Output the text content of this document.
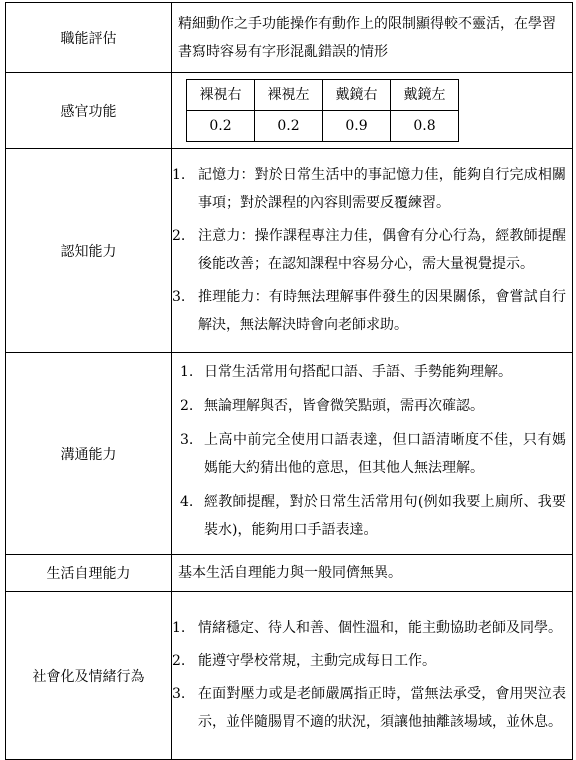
職能評估	
精細動作之手功能操作有動作上的限制顯得較不靈活，在學習書寫時容易有字形混亂錯誤的情形

感官功能	
裸視右	裸視左	戴鏡右	戴鏡左
0.2	0.2	0.9	0.8

認知能力	
1. 記憶力：對於日常生活中的事記憶力佳，能夠自行完成相關事項；對於課程的內容則需要反覆練習。
2. 注意力：操作課程專注力佳，偶會有分心行為，經教師提醒後能改善；在認知課程中容易分心，需大量視覺提示。
3. 推理能力：有時無法理解事件發生的因果關係，會嘗試自行解決，無法解決時會向老師求助。

溝通能力	
1. 日常生活常用句搭配口語、手語、手勢能夠理解。
2. 無論理解與否，皆會微笑點頭，需再次確認。
3. 上高中前完全使用口語表達，但口語清晰度不佳，只有媽媽能大約猜出他的意思，但其他人無法理解。
4. 經教師提醒，對於日常生活常用句(例如我要上廁所、我要裝水)，能夠用口手語表達。

生活自理能力	基本生活自理能力與一般同儕無異。

社會化及情緒行為	
1. 情緒穩定、待人和善、個性溫和，能主動協助老師及同學。
2. 能遵守學校常規，主動完成每日工作。
3. 在面對壓力或是老師嚴厲指正時，當無法承受，會用哭泣表示，並伴隨腸胃不適的狀況，須讓他抽離該場域，並休息。
